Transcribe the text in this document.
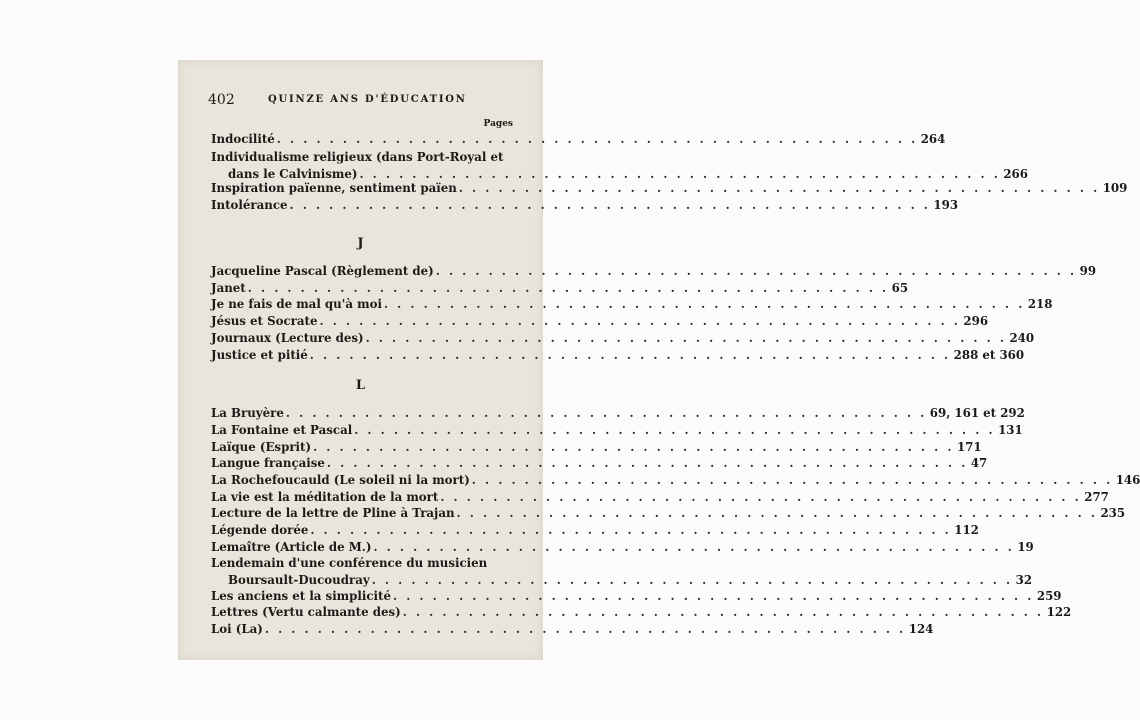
402	QUINZE ANS D'ÉDUCATION
Pages
Indocilité . . . . . . . . . . . . . . . . . . . . . . . . . . . . . . . . . . . . . . . . . . . . . . . . . 264
Individualisme religieux (dans Port-Royal et
dans le Calvinisme) . . . . . . . . . . . . . . . . . . . . . . . . . . . . . . . . . . . . . . . . . . . . . . . . . 266
Inspiration païenne, sentiment païen . . . . . . . . . . . . . . . . . . . . . . . . . . . . . . . . . . . . . . . . . . . . . . . . . 109
Intolérance . . . . . . . . . . . . . . . . . . . . . . . . . . . . . . . . . . . . . . . . . . . . . . . . . 193
J
Jacqueline Pascal (Règlement de) . . . . . . . . . . . . . . . . . . . . . . . . . . . . . . . . . . . . . . . . . . . . . . . . . 99
Janet . . . . . . . . . . . . . . . . . . . . . . . . . . . . . . . . . . . . . . . . . . . . . . . . . 65
Je ne fais de mal qu'à moi . . . . . . . . . . . . . . . . . . . . . . . . . . . . . . . . . . . . . . . . . . . . . . . . . 218
Jésus et Socrate . . . . . . . . . . . . . . . . . . . . . . . . . . . . . . . . . . . . . . . . . . . . . . . . . 296
Journaux (Lecture des) . . . . . . . . . . . . . . . . . . . . . . . . . . . . . . . . . . . . . . . . . . . . . . . . . 240
Justice et pitié . . . . . . . . . . . . . . . . . . . . . . . . . . . . . . . . . . . . . . . . . . . . . . . . . 288 et 360
L
La Bruyère . . . . . . . . . . . . . . . . . . . . . . . . . . . . . . . . . . . . . . . . . . . . . . . . . 69, 161 et 292
La Fontaine et Pascal . . . . . . . . . . . . . . . . . . . . . . . . . . . . . . . . . . . . . . . . . . . . . . . . . 131
Laïque (Esprit) . . . . . . . . . . . . . . . . . . . . . . . . . . . . . . . . . . . . . . . . . . . . . . . . . 171
Langue française . . . . . . . . . . . . . . . . . . . . . . . . . . . . . . . . . . . . . . . . . . . . . . . . . 47
La Rochefoucauld (Le soleil ni la mort) . . . . . . . . . . . . . . . . . . . . . . . . . . . . . . . . . . . . . . . . . . . . . . . . . 146
La vie est la méditation de la mort . . . . . . . . . . . . . . . . . . . . . . . . . . . . . . . . . . . . . . . . . . . . . . . . . 277
Lecture de la lettre de Pline à Trajan . . . . . . . . . . . . . . . . . . . . . . . . . . . . . . . . . . . . . . . . . . . . . . . . . 235
Légende dorée . . . . . . . . . . . . . . . . . . . . . . . . . . . . . . . . . . . . . . . . . . . . . . . . . 112
Lemaître (Article de M.) . . . . . . . . . . . . . . . . . . . . . . . . . . . . . . . . . . . . . . . . . . . . . . . . . 19
Lendemain d'une conférence du musicien
Boursault-Ducoudray . . . . . . . . . . . . . . . . . . . . . . . . . . . . . . . . . . . . . . . . . . . . . . . . . 32
Les anciens et la simplicité . . . . . . . . . . . . . . . . . . . . . . . . . . . . . . . . . . . . . . . . . . . . . . . . . 259
Lettres (Vertu calmante des) . . . . . . . . . . . . . . . . . . . . . . . . . . . . . . . . . . . . . . . . . . . . . . . . . 122
Loi (La) . . . . . . . . . . . . . . . . . . . . . . . . . . . . . . . . . . . . . . . . . . . . . . . . . 124
